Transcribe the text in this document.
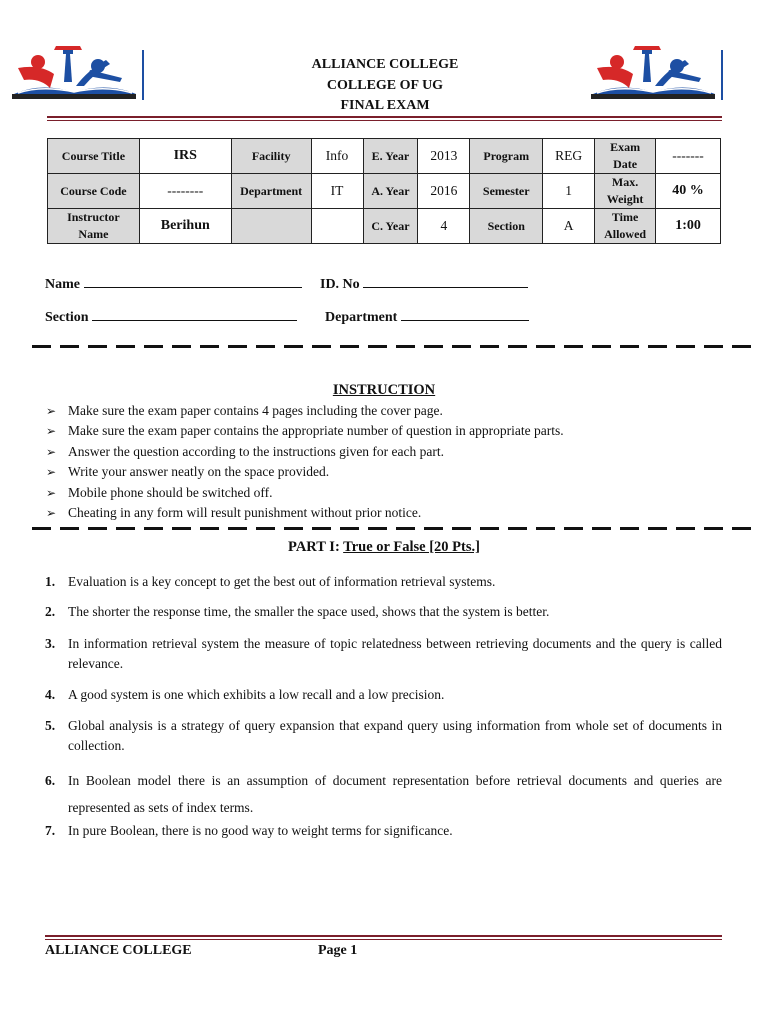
ALLIANCE COLLEGE
COLLEGE OF UG
FINAL EXAM
Course Title	IRS	Facility	Info	E. Year	2013	Program	REG	Exam Date	-------
Course Code	--------	Department	IT	A. Year	2016	Semester	1	Max. Weight	40 %
Instructor Name	Berihun			C. Year	4	Section	A	Time Allowed	1:00
Name	ID. No
Section	Department
INSTRUCTION
➢ Make sure the exam paper contains 4 pages including the cover page.
➢ Make sure the exam paper contains the appropriate number of question in appropriate parts.
➢ Answer the question according to the instructions given for each part.
➢ Write your answer neatly on the space provided.
➢ Mobile phone should be switched off.
➢ Cheating in any form will result punishment without prior notice.
PART I: True or False [20 Pts.]
1. Evaluation is a key concept to get the best out of information retrieval systems.
2. The shorter the response time, the smaller the space used, shows that the system is better.
3. In information retrieval system the measure of topic relatedness between retrieving documents and the query is called relevance.
4. A good system is one which exhibits a low recall and a low precision.
5. Global analysis is a strategy of query expansion that expand query using information from whole set of documents in collection.
6. In Boolean model there is an assumption of document representation before retrieval documents and queries are represented as sets of index terms.
7. In pure Boolean, there is no good way to weight terms for significance.
ALLIANCE COLLEGE	Page 1
